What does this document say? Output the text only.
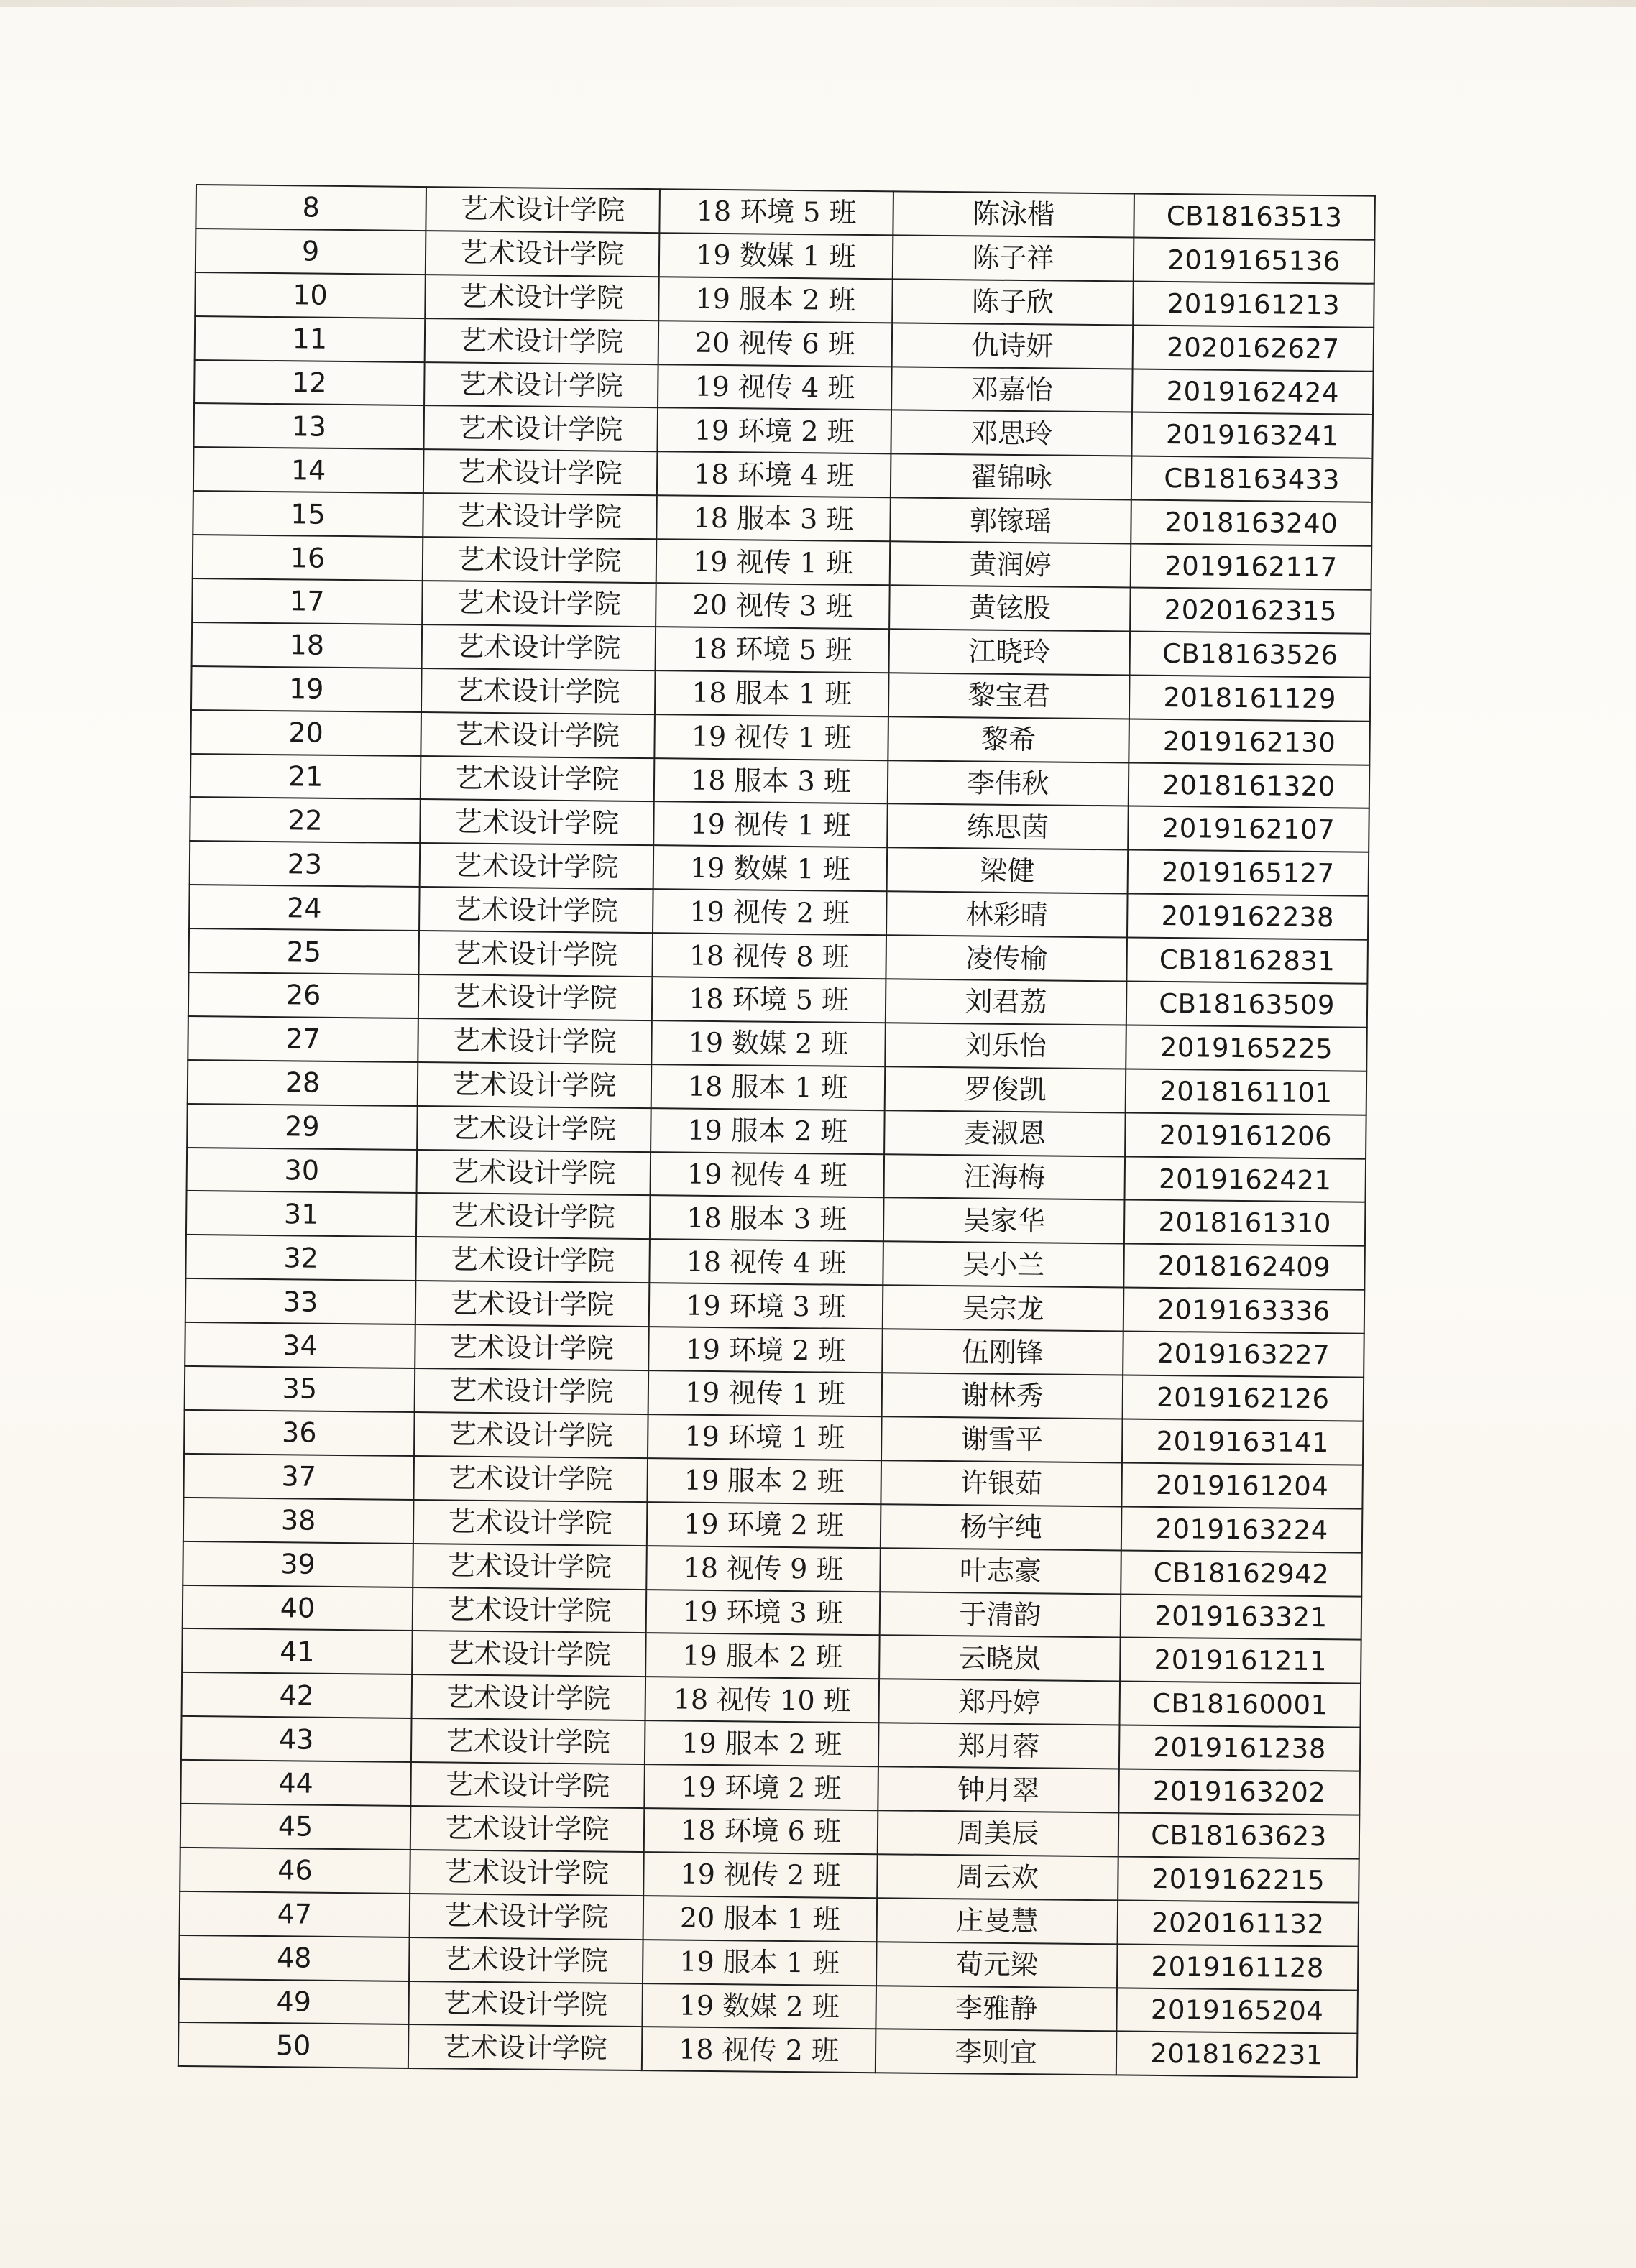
8	艺术设计学院	18 环境 5 班	陈泳楷	CB18163513
9	艺术设计学院	19 数媒 1 班	陈子祥	2019165136
10	艺术设计学院	19 服本 2 班	陈子欣	2019161213
11	艺术设计学院	20 视传 6 班	仇诗妍	2020162627
12	艺术设计学院	19 视传 4 班	邓嘉怡	2019162424
13	艺术设计学院	19 环境 2 班	邓思玲	2019163241
14	艺术设计学院	18 环境 4 班	翟锦咏	CB18163433
15	艺术设计学院	18 服本 3 班	郭镓瑶	2018163240
16	艺术设计学院	19 视传 1 班	黄润婷	2019162117
17	艺术设计学院	20 视传 3 班	黄铉股	2020162315
18	艺术设计学院	18 环境 5 班	江晓玲	CB18163526
19	艺术设计学院	18 服本 1 班	黎宝君	2018161129
20	艺术设计学院	19 视传 1 班	黎希	2019162130
21	艺术设计学院	18 服本 3 班	李伟秋	2018161320
22	艺术设计学院	19 视传 1 班	练思茵	2019162107
23	艺术设计学院	19 数媒 1 班	梁健	2019165127
24	艺术设计学院	19 视传 2 班	林彩晴	2019162238
25	艺术设计学院	18 视传 8 班	凌传榆	CB18162831
26	艺术设计学院	18 环境 5 班	刘君荔	CB18163509
27	艺术设计学院	19 数媒 2 班	刘乐怡	2019165225
28	艺术设计学院	18 服本 1 班	罗俊凯	2018161101
29	艺术设计学院	19 服本 2 班	麦淑恩	2019161206
30	艺术设计学院	19 视传 4 班	汪海梅	2019162421
31	艺术设计学院	18 服本 3 班	吴家华	2018161310
32	艺术设计学院	18 视传 4 班	吴小兰	2018162409
33	艺术设计学院	19 环境 3 班	吴宗龙	2019163336
34	艺术设计学院	19 环境 2 班	伍刚锋	2019163227
35	艺术设计学院	19 视传 1 班	谢林秀	2019162126
36	艺术设计学院	19 环境 1 班	谢雪平	2019163141
37	艺术设计学院	19 服本 2 班	许银茹	2019161204
38	艺术设计学院	19 环境 2 班	杨宇纯	2019163224
39	艺术设计学院	18 视传 9 班	叶志豪	CB18162942
40	艺术设计学院	19 环境 3 班	于清韵	2019163321
41	艺术设计学院	19 服本 2 班	云晓岚	2019161211
42	艺术设计学院	18 视传 10 班	郑丹婷	CB18160001
43	艺术设计学院	19 服本 2 班	郑月蓉	2019161238
44	艺术设计学院	19 环境 2 班	钟月翠	2019163202
45	艺术设计学院	18 环境 6 班	周美辰	CB18163623
46	艺术设计学院	19 视传 2 班	周云欢	2019162215
47	艺术设计学院	20 服本 1 班	庄曼慧	2020161132
48	艺术设计学院	19 服本 1 班	荀元梁	2019161128
49	艺术设计学院	19 数媒 2 班	李雅静	2019165204
50	艺术设计学院	18 视传 2 班	李则宜	2018162231
